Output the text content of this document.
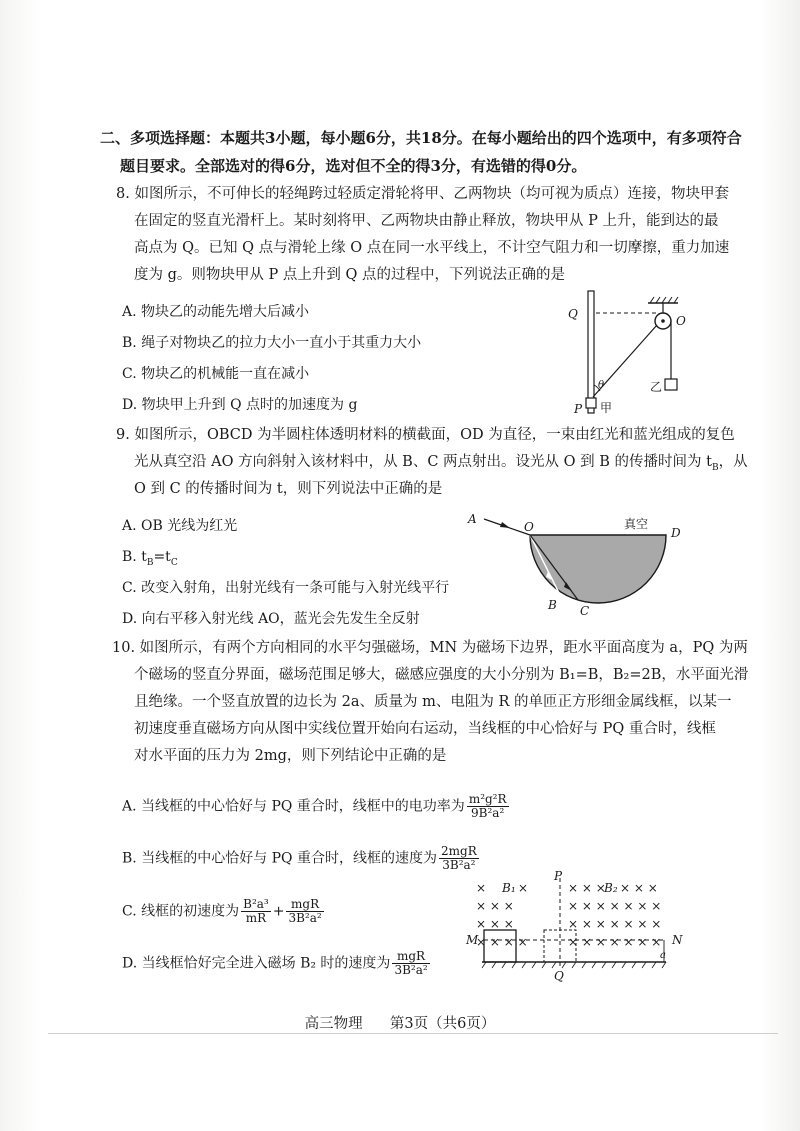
二、多项选择题：本题共3小题，每小题6分，共18分。在每小题给出的四个选项中，有多项符合
题目要求。全部选对的得6分，选对但不全的得3分，有选错的得0分。
8. 如图所示，不可伸长的轻绳跨过轻质定滑轮将甲、乙两物块（均可视为质点）连接，物块甲套
在固定的竖直光滑杆上。某时刻将甲、乙两物块由静止释放，物块甲从 P 上升，能到达的最
高点为 Q。已知 Q 点与滑轮上缘 O 点在同一水平线上，不计空气阻力和一切摩擦，重力加速
度为 g。则物块甲从 P 点上升到 Q 点的过程中，下列说法正确的是
A. 物块乙的动能先增大后减小
B. 绳子对物块乙的拉力大小一直小于其重力大小
C. 物块乙的机械能一直在减小
D. 物块甲上升到 Q 点时的加速度为 g
Q	O
P
θ
甲
乙
9. 如图所示，OBCD 为半圆柱体透明材料的横截面，OD 为直径，一束由红光和蓝光组成的复色
光从真空沿 AO 方向斜射入该材料中，从 B、C 两点射出。设光从 O 到 B 的传播时间为 $t_B$，从
O 到 C 的传播时间为 t，则下列说法中正确的是
A. OB 光线为红光
B. $t_B=t_C$
C. 改变入射角，出射光线有一条可能与入射光线平行
D. 向右平移入射光线 AO，蓝光会先发生全反射
A
O	D
B C
真空
10. 如图所示，有两个方向相同的水平匀强磁场，MN 为磁场下边界，距水平面高度为 a，PQ 为两
个磁场的竖直分界面，磁场范围足够大，磁感应强度的大小分别为 B₁=B，B₂=2B，水平面光滑
且绝缘。一个竖直放置的边长为 2a、质量为 m、电阻为 R 的单匝正方形细金属线框，以某一
初速度垂直磁场方向从图中实线位置开始向右运动，当线框的中心恰好与 PQ 重合时，线框
对水平面的压力为 2mg，则下列结论中正确的是
A. 当线框的中心恰好与 PQ 重合时，线框中的电功率为 $\frac{\text{m²g²R}}{\text{9B²a²}}$
B. 当线框的中心恰好与 PQ 重合时，线框的速度为 $\frac{\text{2mgR}}{\text{3B²a²}}$
C. 线框的初速度为 $\frac{\text{B²a³}}{mR} + \frac{\text{mgR}}{\text{3B²a²}}$
D. 当线框恰好完全进入磁场 B₂ 时的速度为 $\frac{\text{mgR}}{\text{3B²a²}}$
×	×
× × ×
× × ×
× × × ×
× × × × × ×
× × × × × × ×
× × × × × × ×
× × × × × × ×
B₁	B₂
P
Q
M	N
a
高三物理 第3页（共6页）
